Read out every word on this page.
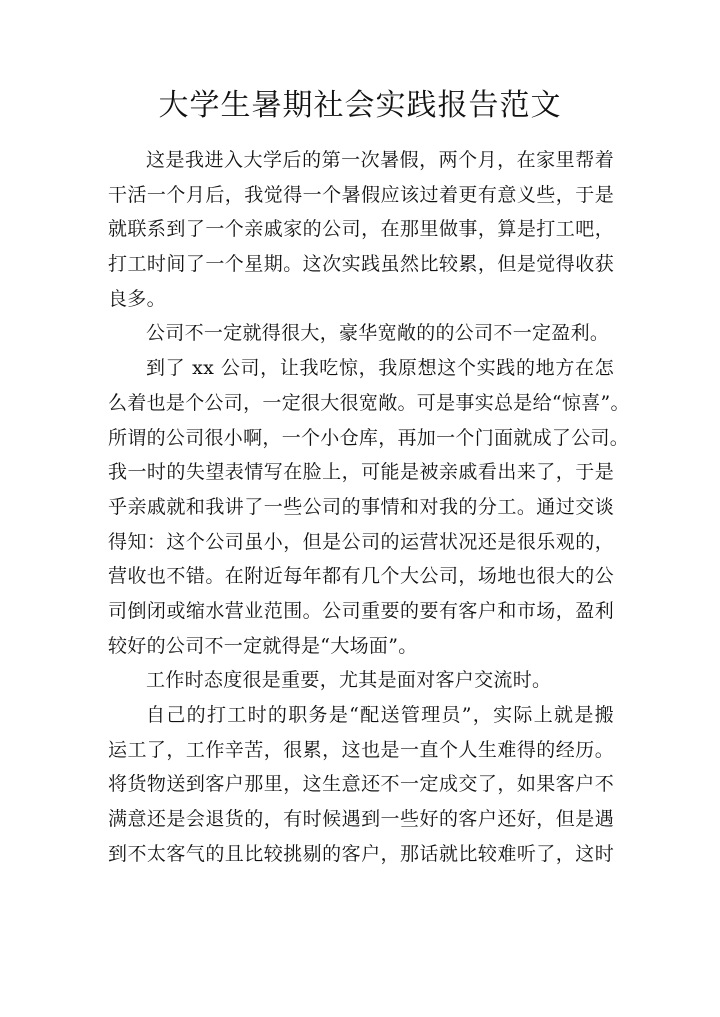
大学生暑期社会实践报告范文
这是我进入大学后的第一次暑假，两个月，在家里帮着
干活一个月后，我觉得一个暑假应该过着更有意义些，于是
就联系到了一个亲戚家的公司，在那里做事，算是打工吧，
打工时间了一个星期。这次实践虽然比较累，但是觉得收获
良多。
公司不一定就得很大，豪华宽敞的的公司不一定盈利。
到了 xx 公司，让我吃惊，我原想这个实践的地方在怎
么着也是个公司，一定很大很宽敞。可是事实总是给“惊喜”。
所谓的公司很小啊，一个小仓库，再加一个门面就成了公司。
我一时的失望表情写在脸上，可能是被亲戚看出来了，于是
乎亲戚就和我讲了一些公司的事情和对我的分工。通过交谈
得知：这个公司虽小，但是公司的运营状况还是很乐观的，
营收也不错。在附近每年都有几个大公司，场地也很大的公
司倒闭或缩水营业范围。公司重要的要有客户和市场，盈利
较好的公司不一定就得是“大场面”。
工作时态度很是重要，尤其是面对客户交流时。
自己的打工时的职务是“配送管理员”，实际上就是搬
运工了，工作辛苦，很累，这也是一直个人生难得的经历。
将货物送到客户那里，这生意还不一定成交了，如果客户不
满意还是会退货的，有时候遇到一些好的客户还好，但是遇
到不太客气的且比较挑剔的客户，那话就比较难听了，这时
